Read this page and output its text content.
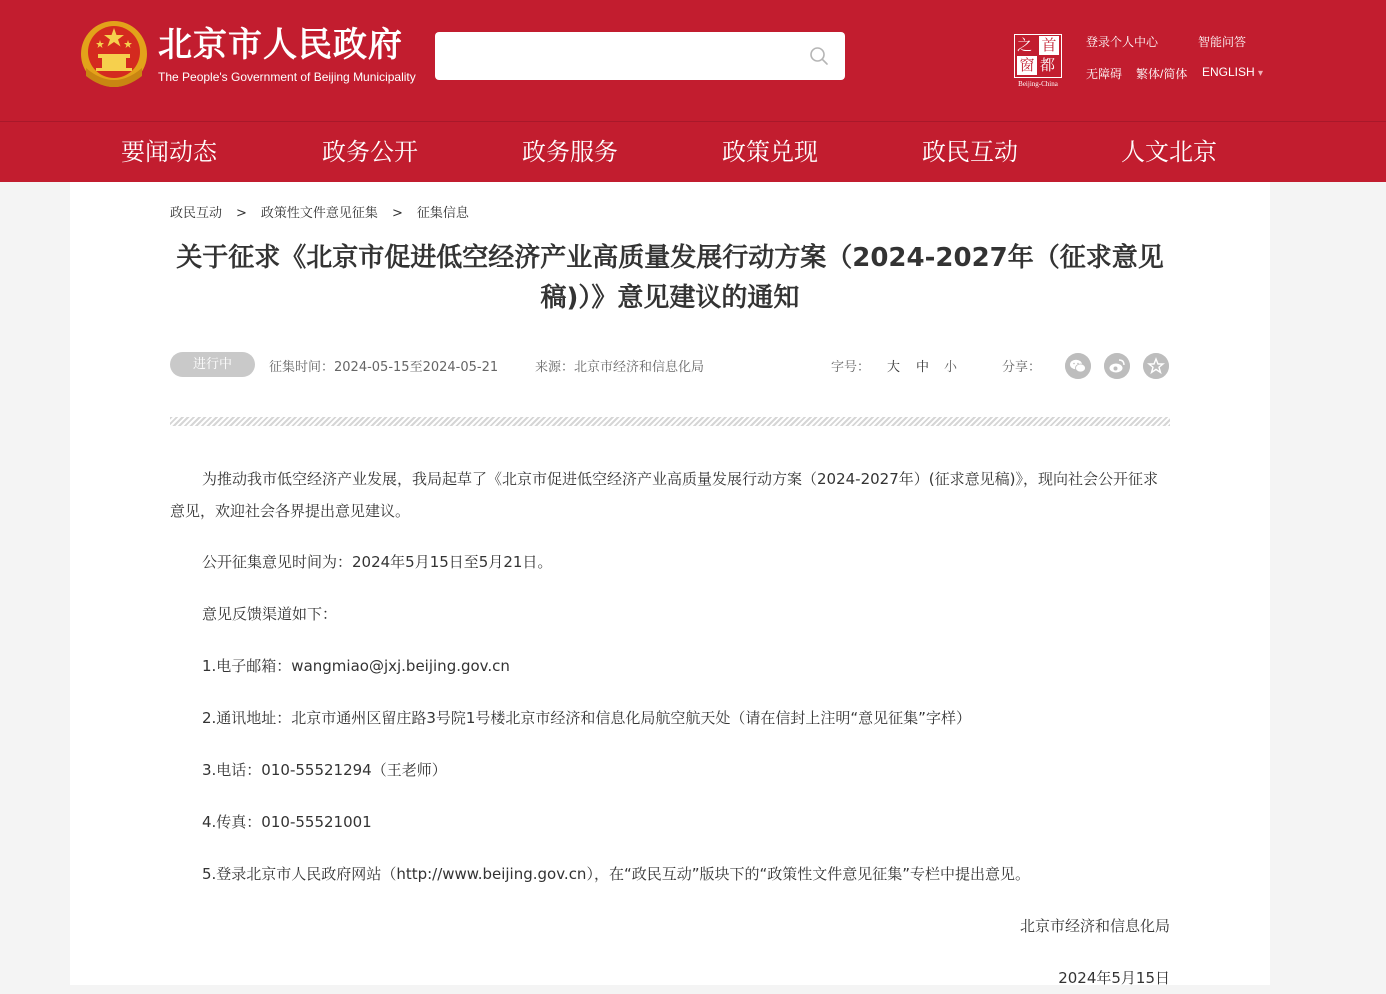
北京市人民政府
The People's Government of Beijing Municipality
之 首
窗 都
Beijing-China
登录个人中心	智能问答
无障碍 繁体/简体 ENGLISH ▾
要闻动态	政务公开	政务服务	政策兑现	政民互动	人文北京
政民互动 > 政策性文件意见征集 > 征集信息
关于征求《北京市促进低空经济产业高质量发展行动方案（2024-2027年（征求意见稿)）》意见建议的通知
进行中	征集时间：2024-05-15至2024-05-21	来源：北京市经济和信息化局	字号： 大 中 小	分享：

为推动我市低空经济产业发展，我局起草了《北京市促进低空经济产业高质量发展行动方案（2024-2027年）(征求意见稿)》，现向社会公开征求意见，欢迎社会各界提出意见建议。

公开征集意见时间为：2024年5月15日至5月21日。

意见反馈渠道如下：

1.电子邮箱：wangmiao@jxj.beijing.gov.cn

2.通讯地址：北京市通州区留庄路3号院1号楼北京市经济和信息化局航空航天处（请在信封上注明“意见征集”字样）

3.电话：010-55521294（王老师）

4.传真：010-55521001

5.登录北京市人民政府网站（http://www.beijing.gov.cn），在“政民互动”版块下的“政策性文件意见征集”专栏中提出意见。

北京市经济和信息化局

2024年5月15日
